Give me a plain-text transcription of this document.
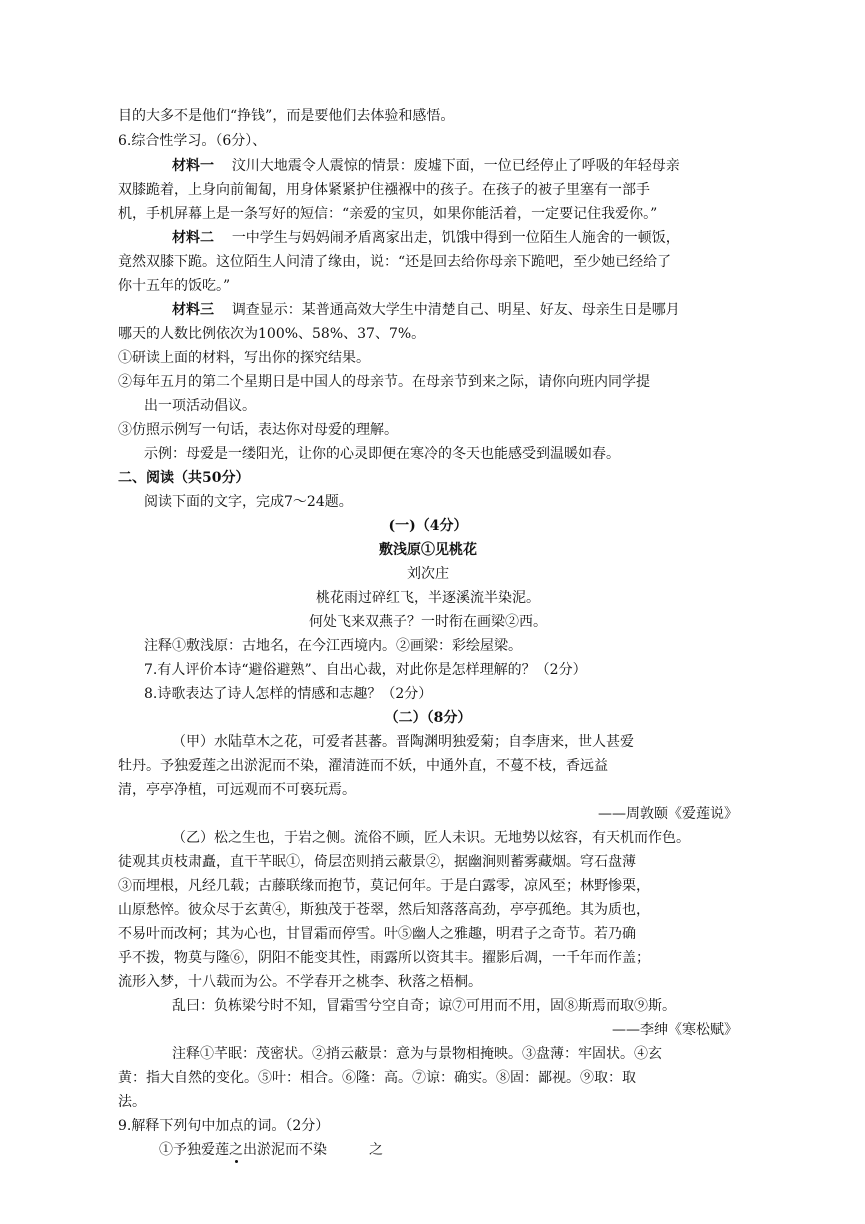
目的大多不是他们“挣钱”，而是要他们去体验和感悟。
6.综合性学习。（6分）、
材料一 汶川大地震令人震惊的情景：废墟下面，一位已经停止了呼吸的年轻母亲
双膝跪着，上身向前匍匐，用身体紧紧护住襁褓中的孩子。在孩子的被子里塞有一部手
机，手机屏幕上是一条写好的短信：“亲爱的宝贝，如果你能活着，一定要记住我爱你。”
材料二 一中学生与妈妈闹矛盾离家出走，饥饿中得到一位陌生人施舍的一顿饭，
竟然双膝下跪。这位陌生人问清了缘由，说：“还是回去给你母亲下跪吧，至少她已经给了
你十五年的饭吃。”
材料三 调查显示：某普通高效大学生中清楚自己、明星、好友、母亲生日是哪月
哪天的人数比例依次为100%、58%、37、7%。
①研读上面的材料，写出你的探究结果。
②每年五月的第二个星期日是中国人的母亲节。在母亲节到来之际，请你向班内同学提
出一项活动倡议。
③仿照示例写一句话，表达你对母爱的理解。
示例：母爱是一缕阳光，让你的心灵即便在寒冷的冬天也能感受到温暖如春。
二、阅读（共50分）
阅读下面的文字，完成7～24题。
(一)（4分）
敷浅原①见桃花
刘次庄
桃花雨过碎红飞，半逐溪流半染泥。
何处飞来双燕子？一时衔在画梁②西。
注释①敷浅原：古地名，在今江西境内。②画梁：彩绘屋梁。
7.有人评价本诗“避俗避熟”、自出心裁，对此你是怎样理解的？（2分）
8.诗歌表达了诗人怎样的情感和志趣？（2分）
（二）（8分）
（甲）水陆草木之花，可爱者甚蕃。晋陶渊明独爱菊；自李唐来，世人甚爱
牡丹。予独爱莲之出淤泥而不染，濯清涟而不妖，中通外直，不蔓不枝，香远益
清，亭亭净植，可远观而不可亵玩焉。
——周敦颐《爱莲说》
（乙）松之生也，于岩之侧。流俗不顾，匠人未识。无地势以炫容，有天机而作色。
徒观其贞枝肃矗，直干芊眠①，倚层峦则捎云蔽景②，据幽涧则蓄雾藏烟。穹石盘薄
③而埋根，凡经几载；古藤联缘而抱节，莫记何年。于是白露零，凉风至；林野惨栗，
山原愁悴。彼众尽于玄黄④，斯独茂于苍翠，然后知落落高劲，亭亭孤绝。其为质也，
不易叶而改柯；其为心也，甘冒霜而停雪。叶⑤幽人之雅趣，明君子之奇节。若乃确
乎不拨，物莫与隆⑥，阴阳不能变其性，雨露所以资其丰。擢影后凋，一千年而作盖；
流形入梦，十八载而为公。不学春开之桃李、秋落之梧桐。
乱曰：负栋梁兮时不知，冒霜雪兮空自奇；谅⑦可用而不用，固⑧斯焉而取⑨斯。
——李绅《寒松赋》
注释①芊眠：茂密状。②捎云蔽景：意为与景物相掩映。③盘薄：牢固状。④玄
黄：指大自然的变化。⑤叶：相合。⑥隆：高。⑦谅：确实。⑧固：鄙视。⑨取：取
法。
9.解释下列句中加点的词。（2分）
①予独爱莲之出淤泥而不染	之
